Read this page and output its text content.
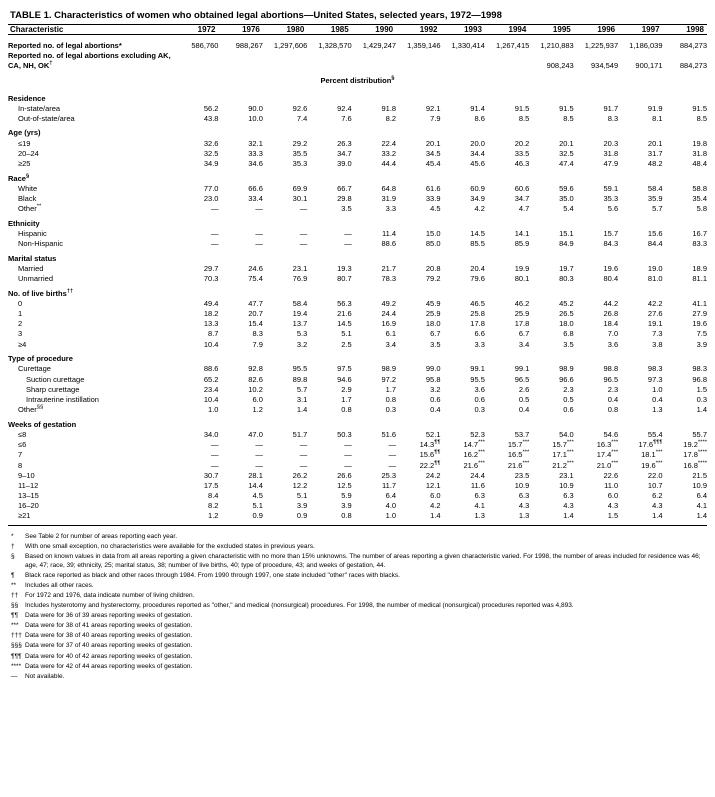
TABLE 1. Characteristics of women who obtained legal abortions—United States, selected years, 1972—1998
Characteristic	1972	1976	1980	1985	1990	1992	1993	1994	1995	1996	1997	1998

Reported no. of legal abortions*	586,760	988,267	1,297,606	1,328,570	1,429,247	1,359,146	1,330,414	1,267,415	1,210,883	1,225,937	1,186,039	884,273
Reported no. of legal abortions excluding AK, CA, NH, OK†									908,243	934,549	900,171	884,273
Percent distribution§
Residence												
In-state/area	56.2	90.0	92.6	92.4	91.8	92.1	91.4	91.5	91.5	91.7	91.9	91.5
Out-of-state/area	43.8	10.0	7.4	7.6	8.2	7.9	8.6	8.5	8.5	8.3	8.1	8.5
Age (yrs)												
≤19	32.6	32.1	29.2	26.3	22.4	20.1	20.0	20.2	20.1	20.3	20.1	19.8
20–24	32.5	33.3	35.5	34.7	33.2	34.5	34.4	33.5	32.5	31.8	31.7	31.8
≥25	34.9	34.6	35.3	39.0	44.4	45.4	45.6	46.3	47.4	47.9	48.2	48.4
Race§												
White	77.0	66.6	69.9	66.7	64.8	61.6	60.9	60.6	59.6	59.1	58.4	58.8
Black	23.0	33.4	30.1	29.8	31.9	33.9	34.9	34.7	35.0	35.3	35.9	35.4
Other**	—	—	—	3.5	3.3	4.5	4.2	4.7	5.4	5.6	5.7	5.8
Ethnicity												
Hispanic	—	—	—	—	11.4	15.0	14.5	14.1	15.1	15.7	15.6	16.7
Non-Hispanic	—	—	—	—	88.6	85.0	85.5	85.9	84.9	84.3	84.4	83.3
Marital status												
Married	29.7	24.6	23.1	19.3	21.7	20.8	20.4	19.9	19.7	19.6	19.0	18.9
Unmarried	70.3	75.4	76.9	80.7	78.3	79.2	79.6	80.1	80.3	80.4	81.0	81.1
No. of live births††												
0	49.4	47.7	58.4	56.3	49.2	45.9	46.5	46.2	45.2	44.2	42.2	41.1
1	18.2	20.7	19.4	21.6	24.4	25.9	25.8	25.9	26.5	26.8	27.6	27.9
2	13.3	15.4	13.7	14.5	16.9	18.0	17.8	17.8	18.0	18.4	19.1	19.6
3	8.7	8.3	5.3	5.1	6.1	6.7	6.6	6.7	6.8	7.0	7.3	7.5
≥4	10.4	7.9	3.2	2.5	3.4	3.5	3.3	3.4	3.5	3.6	3.8	3.9
Type of procedure												
Curettage	88.6	92.8	95.5	97.5	98.9	99.0	99.1	99.1	98.9	98.8	98.3	98.3
Suction curettage	65.2	82.6	89.8	94.6	97.2	95.8	95.5	96.5	96.6	96.5	97.3	96.8
Sharp curettage	23.4	10.2	5.7	2.9	1.7	3.2	3.6	2.6	2.3	2.3	1.0	1.5
Intrauterine instillation	10.4	6.0	3.1	1.7	0.8	0.6	0.6	0.5	0.5	0.4	0.4	0.3
Other§§	1.0	1.2	1.4	0.8	0.3	0.4	0.3	0.4	0.6	0.8	1.3	1.4
Weeks of gestation												
≤8	34.0	47.0	51.7	50.3	51.6	52.1	52.3	53.7	54.0	54.6	55.4	55.7
≤6	—	—	—	—	—	14.3¶¶	14.7***	15.7***	15.7***	16.3***	17.6¶¶¶	19.2****
7	—	—	—	—	—	15.6¶¶	16.2***	16.5***	17.1***	17.4***	18.1***	17.8****
8	—	—	—	—	—	22.2¶¶	21.6***	21.6***	21.2***	21.0***	19.6***	16.8****
9–10	30.7	28.1	26.2	26.6	25.3	24.2	24.4	23.5	23.1	22.6	22.0	21.5
11–12	17.5	14.4	12.2	12.5	11.7	12.1	11.6	10.9	10.9	11.0	10.7	10.9
13–15	8.4	4.5	5.1	5.9	6.4	6.0	6.3	6.3	6.3	6.0	6.2	6.4
16–20	8.2	5.1	3.9	3.9	4.0	4.2	4.1	4.3	4.3	4.3	4.3	4.1
≥21	1.2	0.9	0.9	0.8	1.0	1.4	1.3	1.3	1.4	1.5	1.4	1.4

*	See Table 2 for number of areas reporting each year.
†	With one small exception, no characteristics were available for the excluded states in previous years.
§	Based on known values in data from all areas reporting a given characteristic with no more than 15% unknowns. The number of areas reporting a given characteristic varied. For 1998, the number of areas included for residence was 46; age, 47; race, 39; ethnicity, 25; marital status, 38; number of live births, 40; type of procedure, 43; and weeks of gestation, 44.
¶	Black race reported as black and other races through 1984. From 1990 through 1997, one state included "other" races with blacks.
**	Includes all other races.
††	For 1972 and 1976, data indicate number of living children.
§§	Includes hysterotomy and hysterectomy, procedures reported as "other," and medical (nonsurgical) procedures. For 1998, the number of medical (nonsurgical) procedures reported was 4,893.
¶¶	Data were for 36 of 39 areas reporting weeks of gestation.
*** Data were for 38 of 41 areas reporting weeks of gestation.
††† Data were for 38 of 40 areas reporting weeks of gestation.
§§§ Data were for 37 of 40 areas reporting weeks of gestation.
¶¶¶ Data were for 40 of 42 areas reporting weeks of gestation.
**** Data were for 42 of 44 areas reporting weeks of gestation.
—	Not available.
